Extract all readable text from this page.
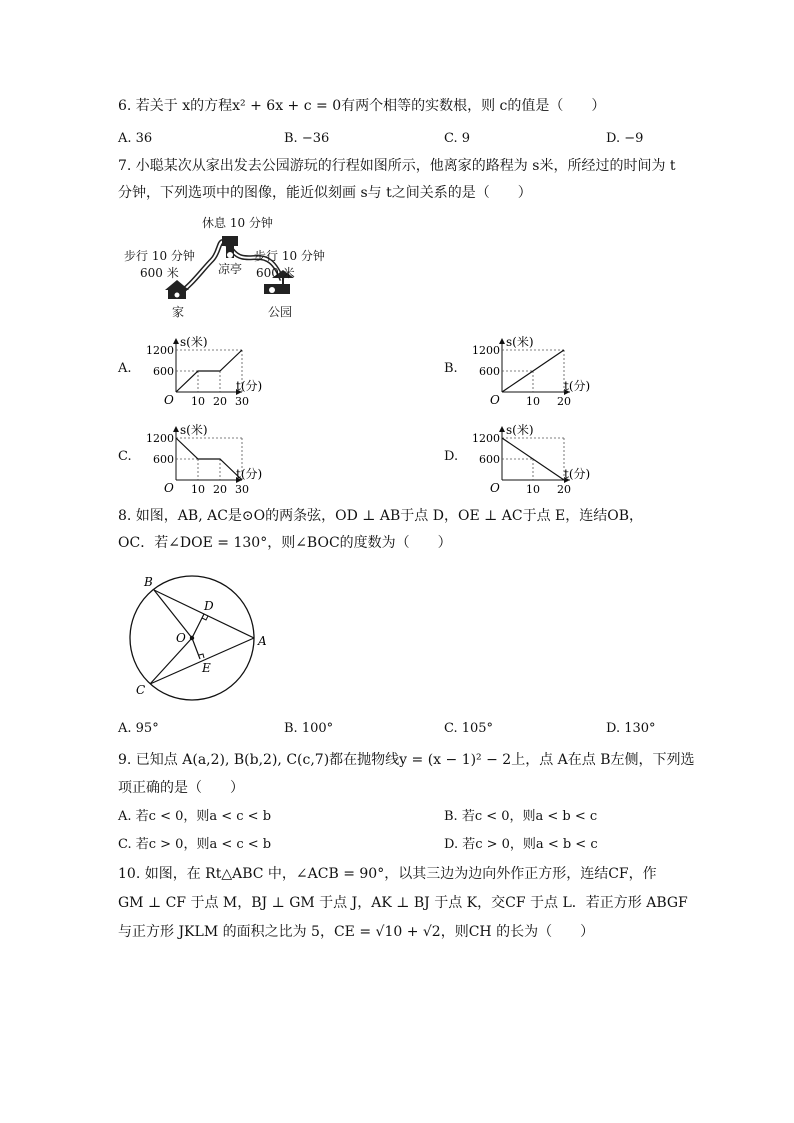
6. 若关于 x的方程x² + 6x + c = 0有两个相等的实数根，则 c的值是（　　）
A. 36	B. −36	C. 9	D. −9
7. 小聪某次从家出发去公园游玩的行程如图所示，他离家的路程为 s米，所经过的时间为 t
分钟，下列选项中的图像，能近似刻画 s与 t之间关系的是（　　）
休息 10 分钟
步行 10 分钟
600 米	凉亭
步行 10 分钟
600 米
家	公园
A.	B.
C.	D.
s(米)
t(分)
O
600
1200
10 20 30
s(米)
t(分)
O
600
1200
10 20
s(米)
t(分)
O
600
1200
10 20 30
s(米)
t(分)
O
600
1200
10 20
8. 如图，AB, AC是⊙O的两条弦，OD ⊥ AB于点 D，OE ⊥ AC于点 E，连结OB，
OC．若∠DOE = 130°，则∠BOC的度数为（　　）
B
C
A
D
E
O
A. 95°	B. 100°	C. 105°	D. 130°
9. 已知点 A(a,2), B(b,2), C(c,7)都在抛物线y = (x − 1)² − 2上，点 A在点 B左侧，下列选
项正确的是（　　）
A. 若c < 0，则a < c < b	B. 若c < 0，则a < b < c
C. 若c > 0，则a < c < b	D. 若c > 0，则a < b < c
10. 如图，在 Rt△ABC 中，∠ACB = 90°，以其三边为边向外作正方形，连结CF，作
GM ⊥ CF 于点 M，BJ ⊥ GM 于点 J，AK ⊥ BJ 于点 K，交CF 于点 L．若正方形 ABGF
与正方形 JKLM 的面积之比为 5，CE = √10 + √2，则CH 的长为（　　）
